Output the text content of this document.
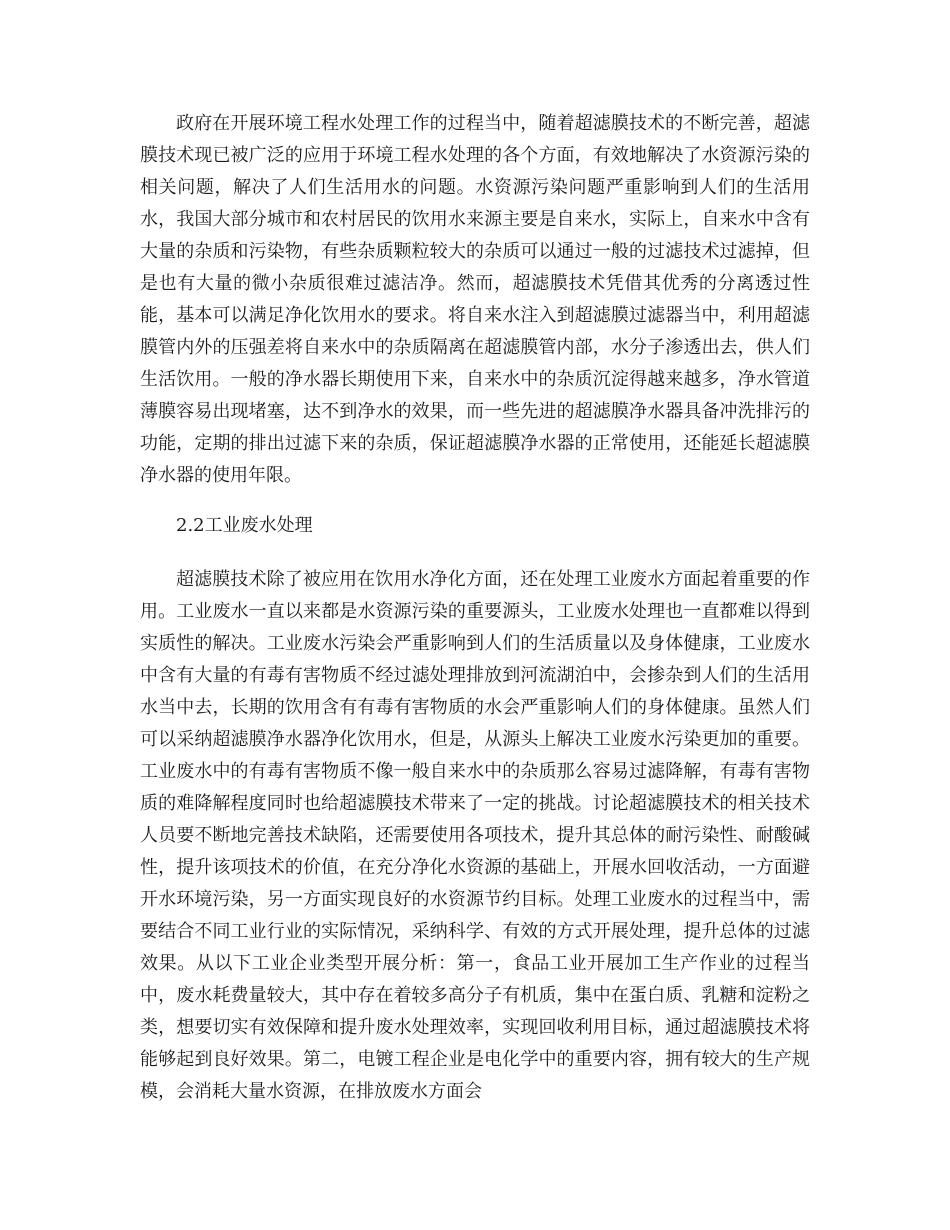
政府在开展环境工程水处理工作的过程当中，随着超滤膜技术的不断完善，超滤膜技术现已被广泛的应用于环境工程水处理的各个方面，有效地解决了水资源污染的相关问题，解决了人们生活用水的问题。水资源污染问题严重影响到人们的生活用水，我国大部分城市和农村居民的饮用水来源主要是自来水，实际上，自来水中含有大量的杂质和污染物，有些杂质颗粒较大的杂质可以通过一般的过滤技术过滤掉，但是也有大量的微小杂质很难过滤洁净。然而，超滤膜技术凭借其优秀的分离透过性能，基本可以满足净化饮用水的要求。将自来水注入到超滤膜过滤器当中，利用超滤膜管内外的压强差将自来水中的杂质隔离在超滤膜管内部，水分子渗透出去，供人们生活饮用。一般的净水器长期使用下来，自来水中的杂质沉淀得越来越多，净水管道薄膜容易出现堵塞，达不到净水的效果，而一些先进的超滤膜净水器具备冲洗排污的功能，定期的排出过滤下来的杂质，保证超滤膜净水器的正常使用，还能延长超滤膜净水器的使用年限。

2.2工业废水处理

超滤膜技术除了被应用在饮用水净化方面，还在处理工业废水方面起着重要的作用。工业废水一直以来都是水资源污染的重要源头，工业废水处理也一直都难以得到实质性的解决。工业废水污染会严重影响到人们的生活质量以及身体健康，工业废水中含有大量的有毒有害物质不经过滤处理排放到河流湖泊中，会掺杂到人们的生活用水当中去，长期的饮用含有有毒有害物质的水会严重影响人们的身体健康。虽然人们可以采纳超滤膜净水器净化饮用水，但是，从源头上解决工业废水污染更加的重要。工业废水中的有毒有害物质不像一般自来水中的杂质那么容易过滤降解，有毒有害物质的难降解程度同时也给超滤膜技术带来了一定的挑战。讨论超滤膜技术的相关技术人员要不断地完善技术缺陷，还需要使用各项技术，提升其总体的耐污染性、耐酸碱性，提升该项技术的价值，在充分净化水资源的基础上，开展水回收活动，一方面避开水环境污染，另一方面实现良好的水资源节约目标。处理工业废水的过程当中，需要结合不同工业行业的实际情况，采纳科学、有效的方式开展处理，提升总体的过滤效果。从以下工业企业类型开展分析：第一，食品工业开展加工生产作业的过程当中，废水耗费量较大，其中存在着较多高分子有机质，集中在蛋白质、乳糖和淀粉之类，想要切实有效保障和提升废水处理效率，实现回收利用目标，通过超滤膜技术将能够起到良好效果。第二，电镀工程企业是电化学中的重要内容，拥有较大的生产规模，会消耗大量水资源，在排放废水方面会
